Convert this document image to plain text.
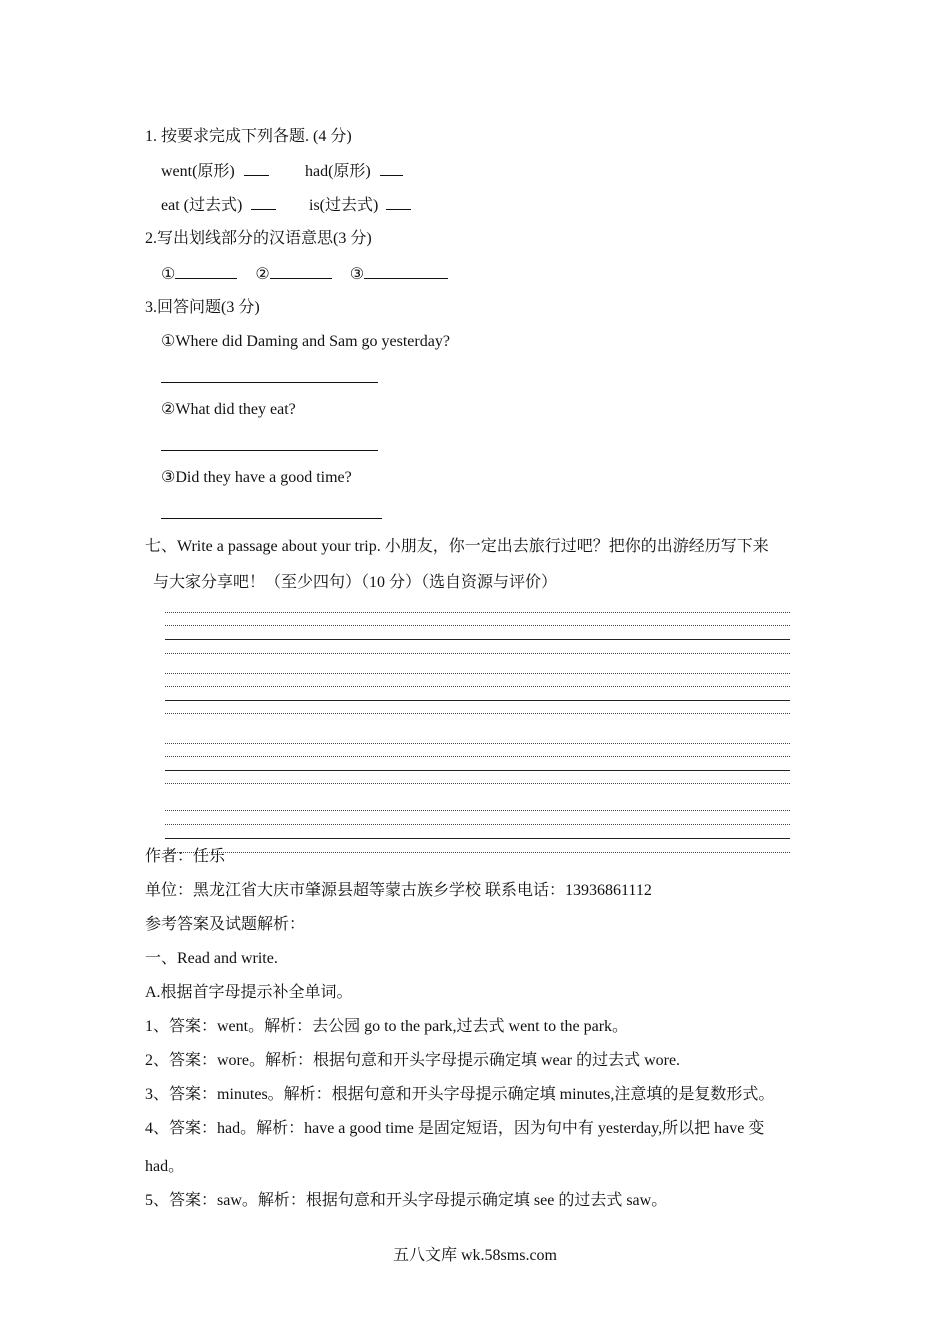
1. 按要求完成下列各题. (4 分)
went(原形)	had(原形)
eat (过去式)	is(过去式)
2.写出划线部分的汉语意思(3 分)
①	②	③
3.回答问题(3 分)
①Where did Daming and Sam go yesterday?
②What did they eat?
③Did they have a good time?
七、Write a passage about your trip. 小朋友，你一定出去旅行过吧？把你的出游经历写下来
与大家分享吧！（至少四句）（10 分）（选自资源与评价）
作者：任乐
单位：黑龙江省大庆市肇源县超等蒙古族乡学校 联系电话：13936861112
参考答案及试题解析：
一、Read and write.
A.根据首字母提示补全单词。
1、答案：went。解析：去公园 go to the park,过去式 went to the park。
2、答案：wore。解析：根据句意和开头字母提示确定填 wear 的过去式 wore.
3、答案：minutes。解析：根据句意和开头字母提示确定填 minutes,注意填的是复数形式。
4、答案：had。解析：have a good time 是固定短语，因为句中有 yesterday,所以把 have 变
had。
5、答案：saw。解析：根据句意和开头字母提示确定填 see 的过去式 saw。
五八文库 wk.58sms.com
